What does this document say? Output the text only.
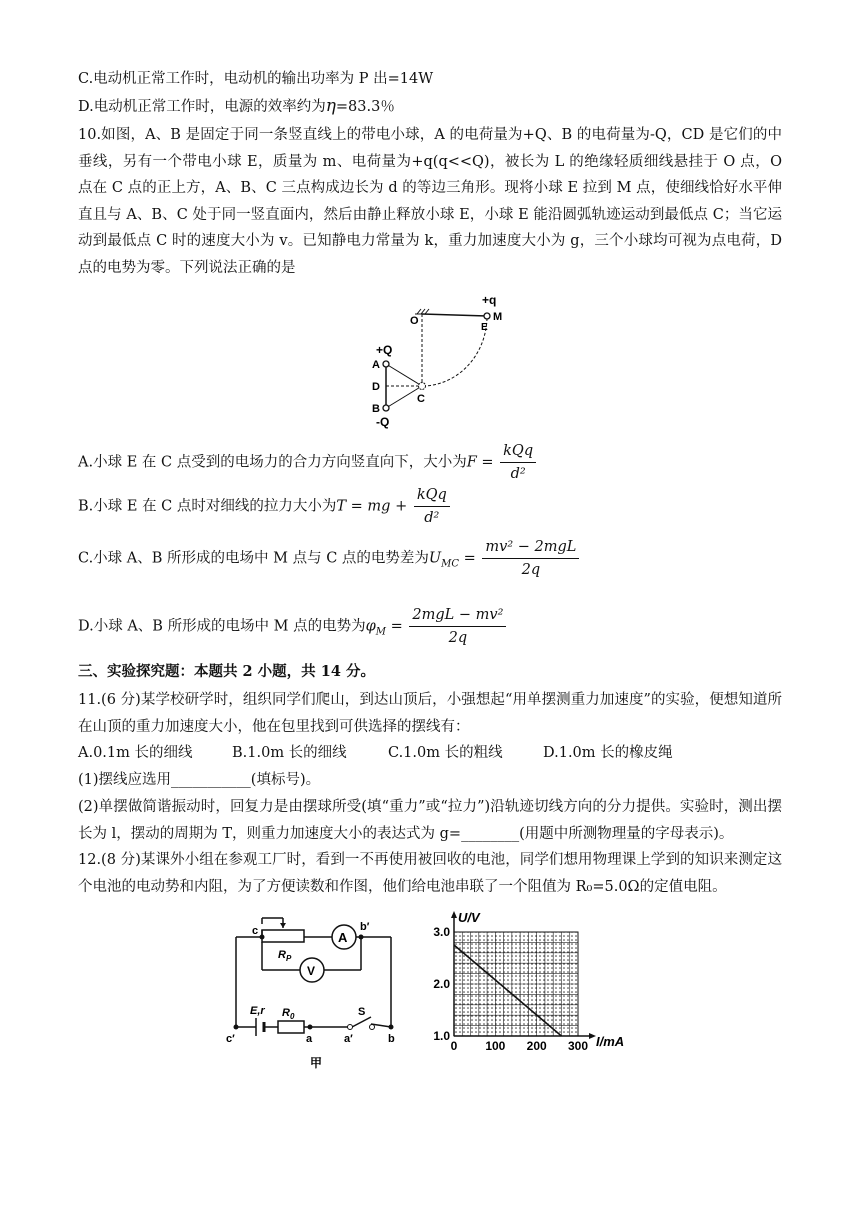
C.电动机正常工作时，电动机的输出功率为 P 出=14W
D.电动机正常工作时，电源的效率约为η=83.3％
10.如图，A、B 是固定于同一条竖直线上的带电小球，A 的电荷量为+Q、B 的电荷量为-Q，CD 是它们的中垂线，另有一个带电小球 E，质量为 m、电荷量为+q(q<<Q)，被长为 L 的绝缘轻质细线悬挂于 O 点，O 点在 C 点的正上方，A、B、C 三点构成边长为 d 的等边三角形。现将小球 E 拉到 M 点，使细线恰好水平伸直且与 A、B、C 处于同一竖直面内，然后由静止释放小球 E，小球 E 能沿圆弧轨迹运动到最低点 C；当它运动到最低点 C 时的速度大小为 v。已知静电力常量为 k，重力加速度大小为 g，三个小球均可视为点电荷，D 点的电势为零。下列说法正确的是
+q
O	M
E
+Q
A
D
C
B
-Q
A.小球 E 在 C 点受到的电场力的合力方向竖直向下，大小为$F = \frac{\text{kQq}}{\text{d²}}$
B.小球 E 在 C 点时对细线的拉力大小为T = mg + $\frac{\text{kQq}}{\text{d²}}$
C.小球 A、B 所形成的电场中 M 点与 C 点的电势差为$U_{MC} = \frac{\text{mv² − 2mgL}}{2q}$
D.小球 A、B 所形成的电场中 M 点的电势为$\varphi_M = \frac{\text{2mgL − mv²}}{2q}$
三、实验探究题：本题共 2 小题，共 14 分。
11.(6 分)某学校研学时，组织同学们爬山，到达山顶后，小强想起“用单摆测重力加速度”的实验，便想知道所在山顶的重力加速度大小，他在包里找到可供选择的摆线有：
A.0.1m 长的细线	B.1.0m 长的细线	C.1.0m 长的粗线	D.1.0m 长的橡皮绳
(1)摆线应选用___________(填标号)。
(2)单摆做简谐振动时，回复力是由摆球所受(填“重力”或“拉力”)沿轨迹切线方向的分力提供。实验时，测出摆长为 l，摆动的周期为 T，则重力加速度大小的表达式为 g=________(用题中所测物理量的字母表示)。
12.(8 分)某课外小组在参观工厂时，看到一不再使用被回收的电池，同学们想用物理课上学到的知识来测定这个电池的电动势和内阻，为了方便读数和作图，他们给电池串联了一个阻值为 R₀=5.0Ω的定值电阻。
A
V
c	b′
$R_P$
E,r $R_0$	S
c′	a	a′	b
甲
0 100 200 300
1.0
2.0
3.0
U/V
I/mA
